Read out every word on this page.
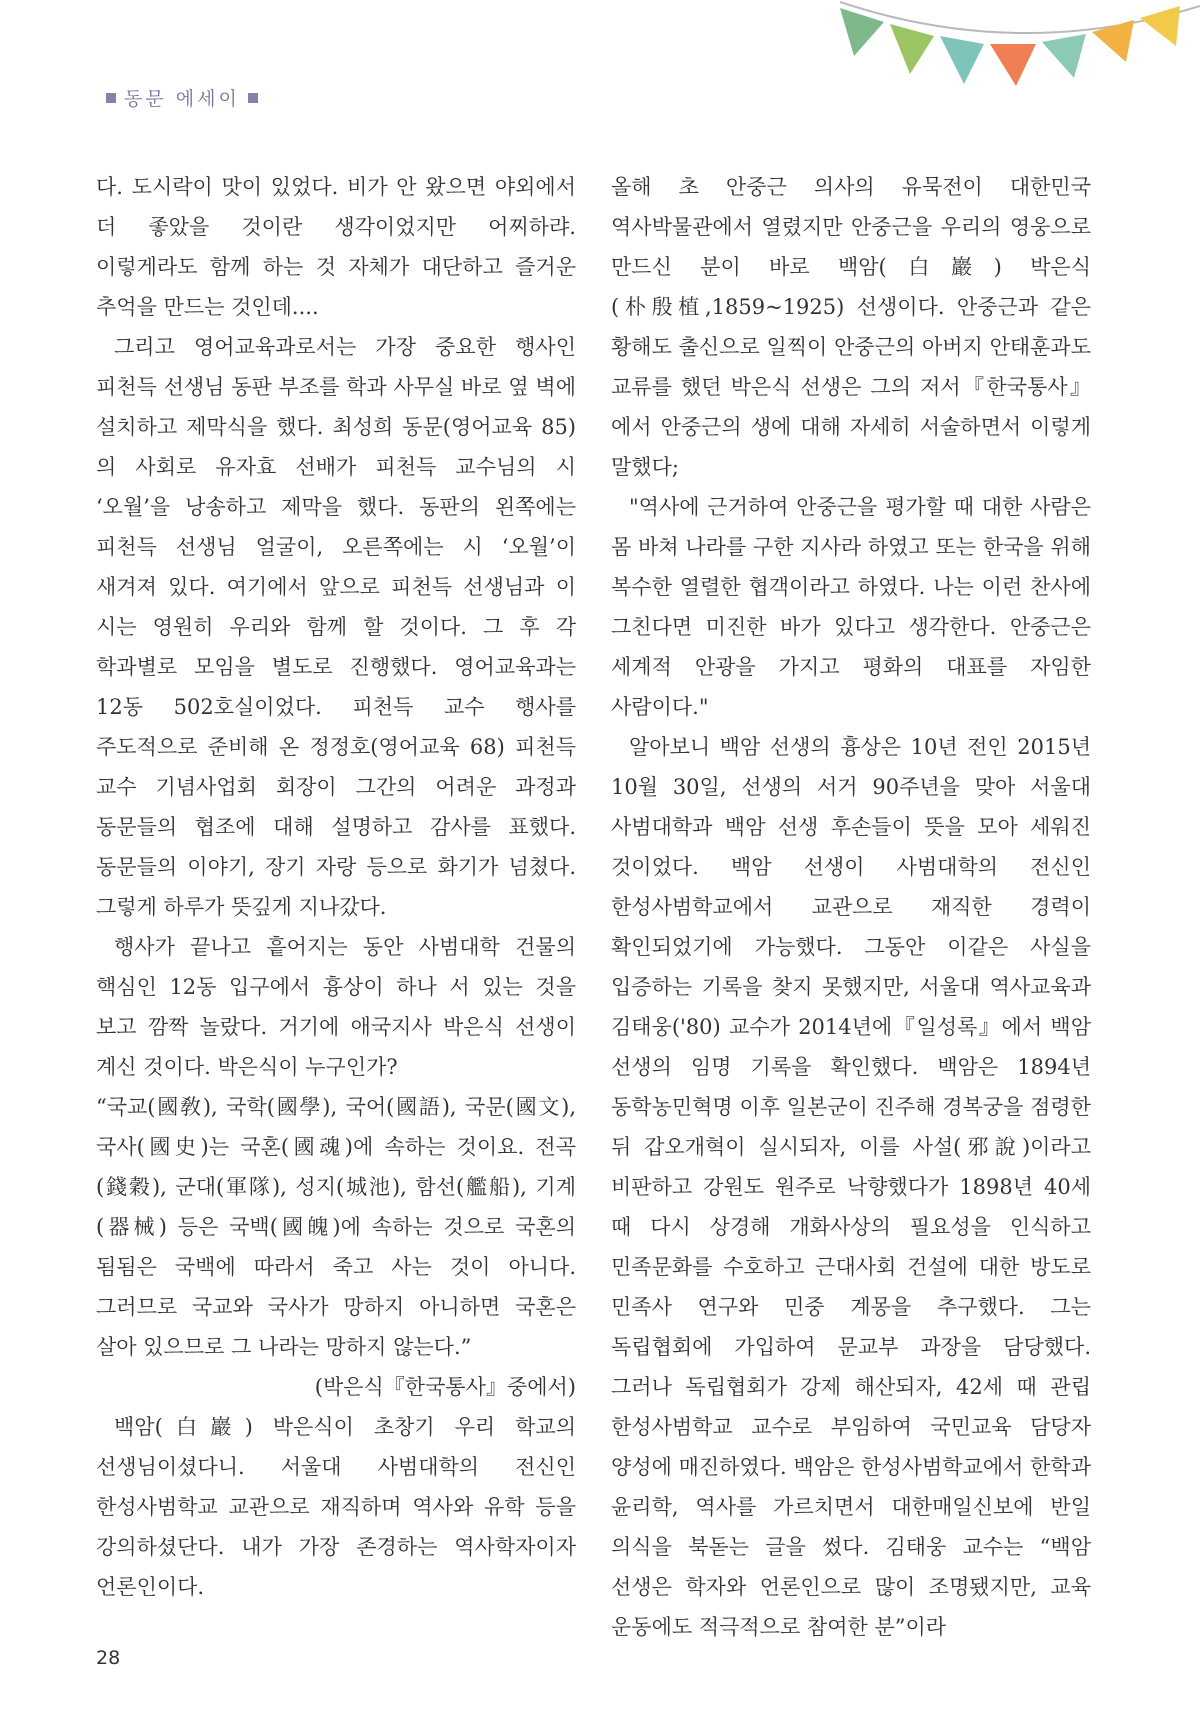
동문 에세이

다. 도시락이 맛이 있었다. 비가 안 왔으면 야외에서 더 좋았을 것이란 생각이었지만 어찌하랴. 이렇게라도 함께 하는 것 자체가 대단하고 즐거운 추억을 만드는 것인데....

그리고 영어교육과로서는 가장 중요한 행사인 피천득 선생님 동판 부조를 학과 사무실 바로 옆 벽에 설치하고 제막식을 했다. 최성희 동문(영어교육 85)의 사회로 유자효 선배가 피천득 교수님의 시 ‘오월’을 낭송하고 제막을 했다. 동판의 왼쪽에는 피천득 선생님 얼굴이, 오른쪽에는 시 ‘오월’이 새겨져 있다. 여기에서 앞으로 피천득 선생님과 이 시는 영원히 우리와 함께 할 것이다. 그 후 각 학과별로 모임을 별도로 진행했다. 영어교육과는 12동 502호실이었다. 피천득 교수 행사를 주도적으로 준비해 온 정정호(영어교육 68) 피천득 교수 기념사업회 회장이 그간의 어려운 과정과 동문들의 협조에 대해 설명하고 감사를 표했다. 동문들의 이야기, 장기 자랑 등으로 화기가 넘쳤다. 그렇게 하루가 뜻깊게 지나갔다.

행사가 끝나고 흩어지는 동안 사범대학 건물의 핵심인 12동 입구에서 흉상이 하나 서 있는 것을 보고 깜짝 놀랐다. 거기에 애국지사 박은식 선생이 계신 것이다. 박은식이 누구인가?

“국교(國敎), 국학(國學), 국어(國語), 국문(國文), 국사(國史)는 국혼(國魂)에 속하는 것이요. 전곡(錢穀), 군대(軍隊), 성지(城池), 함선(艦船), 기계(器械) 등은 국백(國魄)에 속하는 것으로 국혼의 됨됨은 국백에 따라서 죽고 사는 것이 아니다. 그러므로 국교와 국사가 망하지 아니하면 국혼은 살아 있으므로 그 나라는 망하지 않는다.”

(박은식『한국통사』중에서)

백암(白巖) 박은식이 초창기 우리 학교의 선생님이셨다니. 서울대 사범대학의 전신인 한성사범학교 교관으로 재직하며 역사와 유학 등을 강의하셨단다. 내가 가장 존경하는 역사학자이자 언론인이다.

올해 초 안중근 의사의 유묵전이 대한민국 역사박물관에서 열렸지만 안중근을 우리의 영웅으로 만드신 분이 바로 백암(白巖) 박은식(朴殷植,1859~1925) 선생이다. 안중근과 같은 황해도 출신으로 일찍이 안중근의 아버지 안태훈과도 교류를 했던 박은식 선생은 그의 저서『한국통사』에서 안중근의 생에 대해 자세히 서술하면서 이렇게 말했다;

"역사에 근거하여 안중근을 평가할 때 대한 사람은 몸 바쳐 나라를 구한 지사라 하였고 또는 한국을 위해 복수한 열렬한 협객이라고 하였다. 나는 이런 찬사에 그친다면 미진한 바가 있다고 생각한다. 안중근은 세계적 안광을 가지고 평화의 대표를 자임한 사람이다."

알아보니 백암 선생의 흉상은 10년 전인 2015년 10월 30일, 선생의 서거 90주년을 맞아 서울대 사범대학과 백암 선생 후손들이 뜻을 모아 세워진 것이었다. 백암 선생이 사범대학의 전신인 한성사범학교에서 교관으로 재직한 경력이 확인되었기에 가능했다. 그동안 이같은 사실을 입증하는 기록을 찾지 못했지만, 서울대 역사교육과 김태웅('80) 교수가 2014년에『일성록』에서 백암 선생의 임명 기록을 확인했다. 백암은 1894년 동학농민혁명 이후 일본군이 진주해 경복궁을 점령한 뒤 갑오개혁이 실시되자, 이를 사설(邪說)이라고 비판하고 강원도 원주로 낙향했다가 1898년 40세 때 다시 상경해 개화사상의 필요성을 인식하고 민족문화를 수호하고 근대사회 건설에 대한 방도로 민족사 연구와 민중 계몽을 추구했다. 그는 독립협회에 가입하여 문교부 과장을 담당했다. 그러나 독립협회가 강제 해산되자, 42세 때 관립 한성사범학교 교수로 부임하여 국민교육 담당자 양성에 매진하였다. 백암은 한성사범학교에서 한학과 윤리학, 역사를 가르치면서 대한매일신보에 반일 의식을 북돋는 글을 썼다. 김태웅 교수는 “백암 선생은 학자와 언론인으로 많이 조명됐지만, 교육 운동에도 적극적으로 참여한 분”이라

28
